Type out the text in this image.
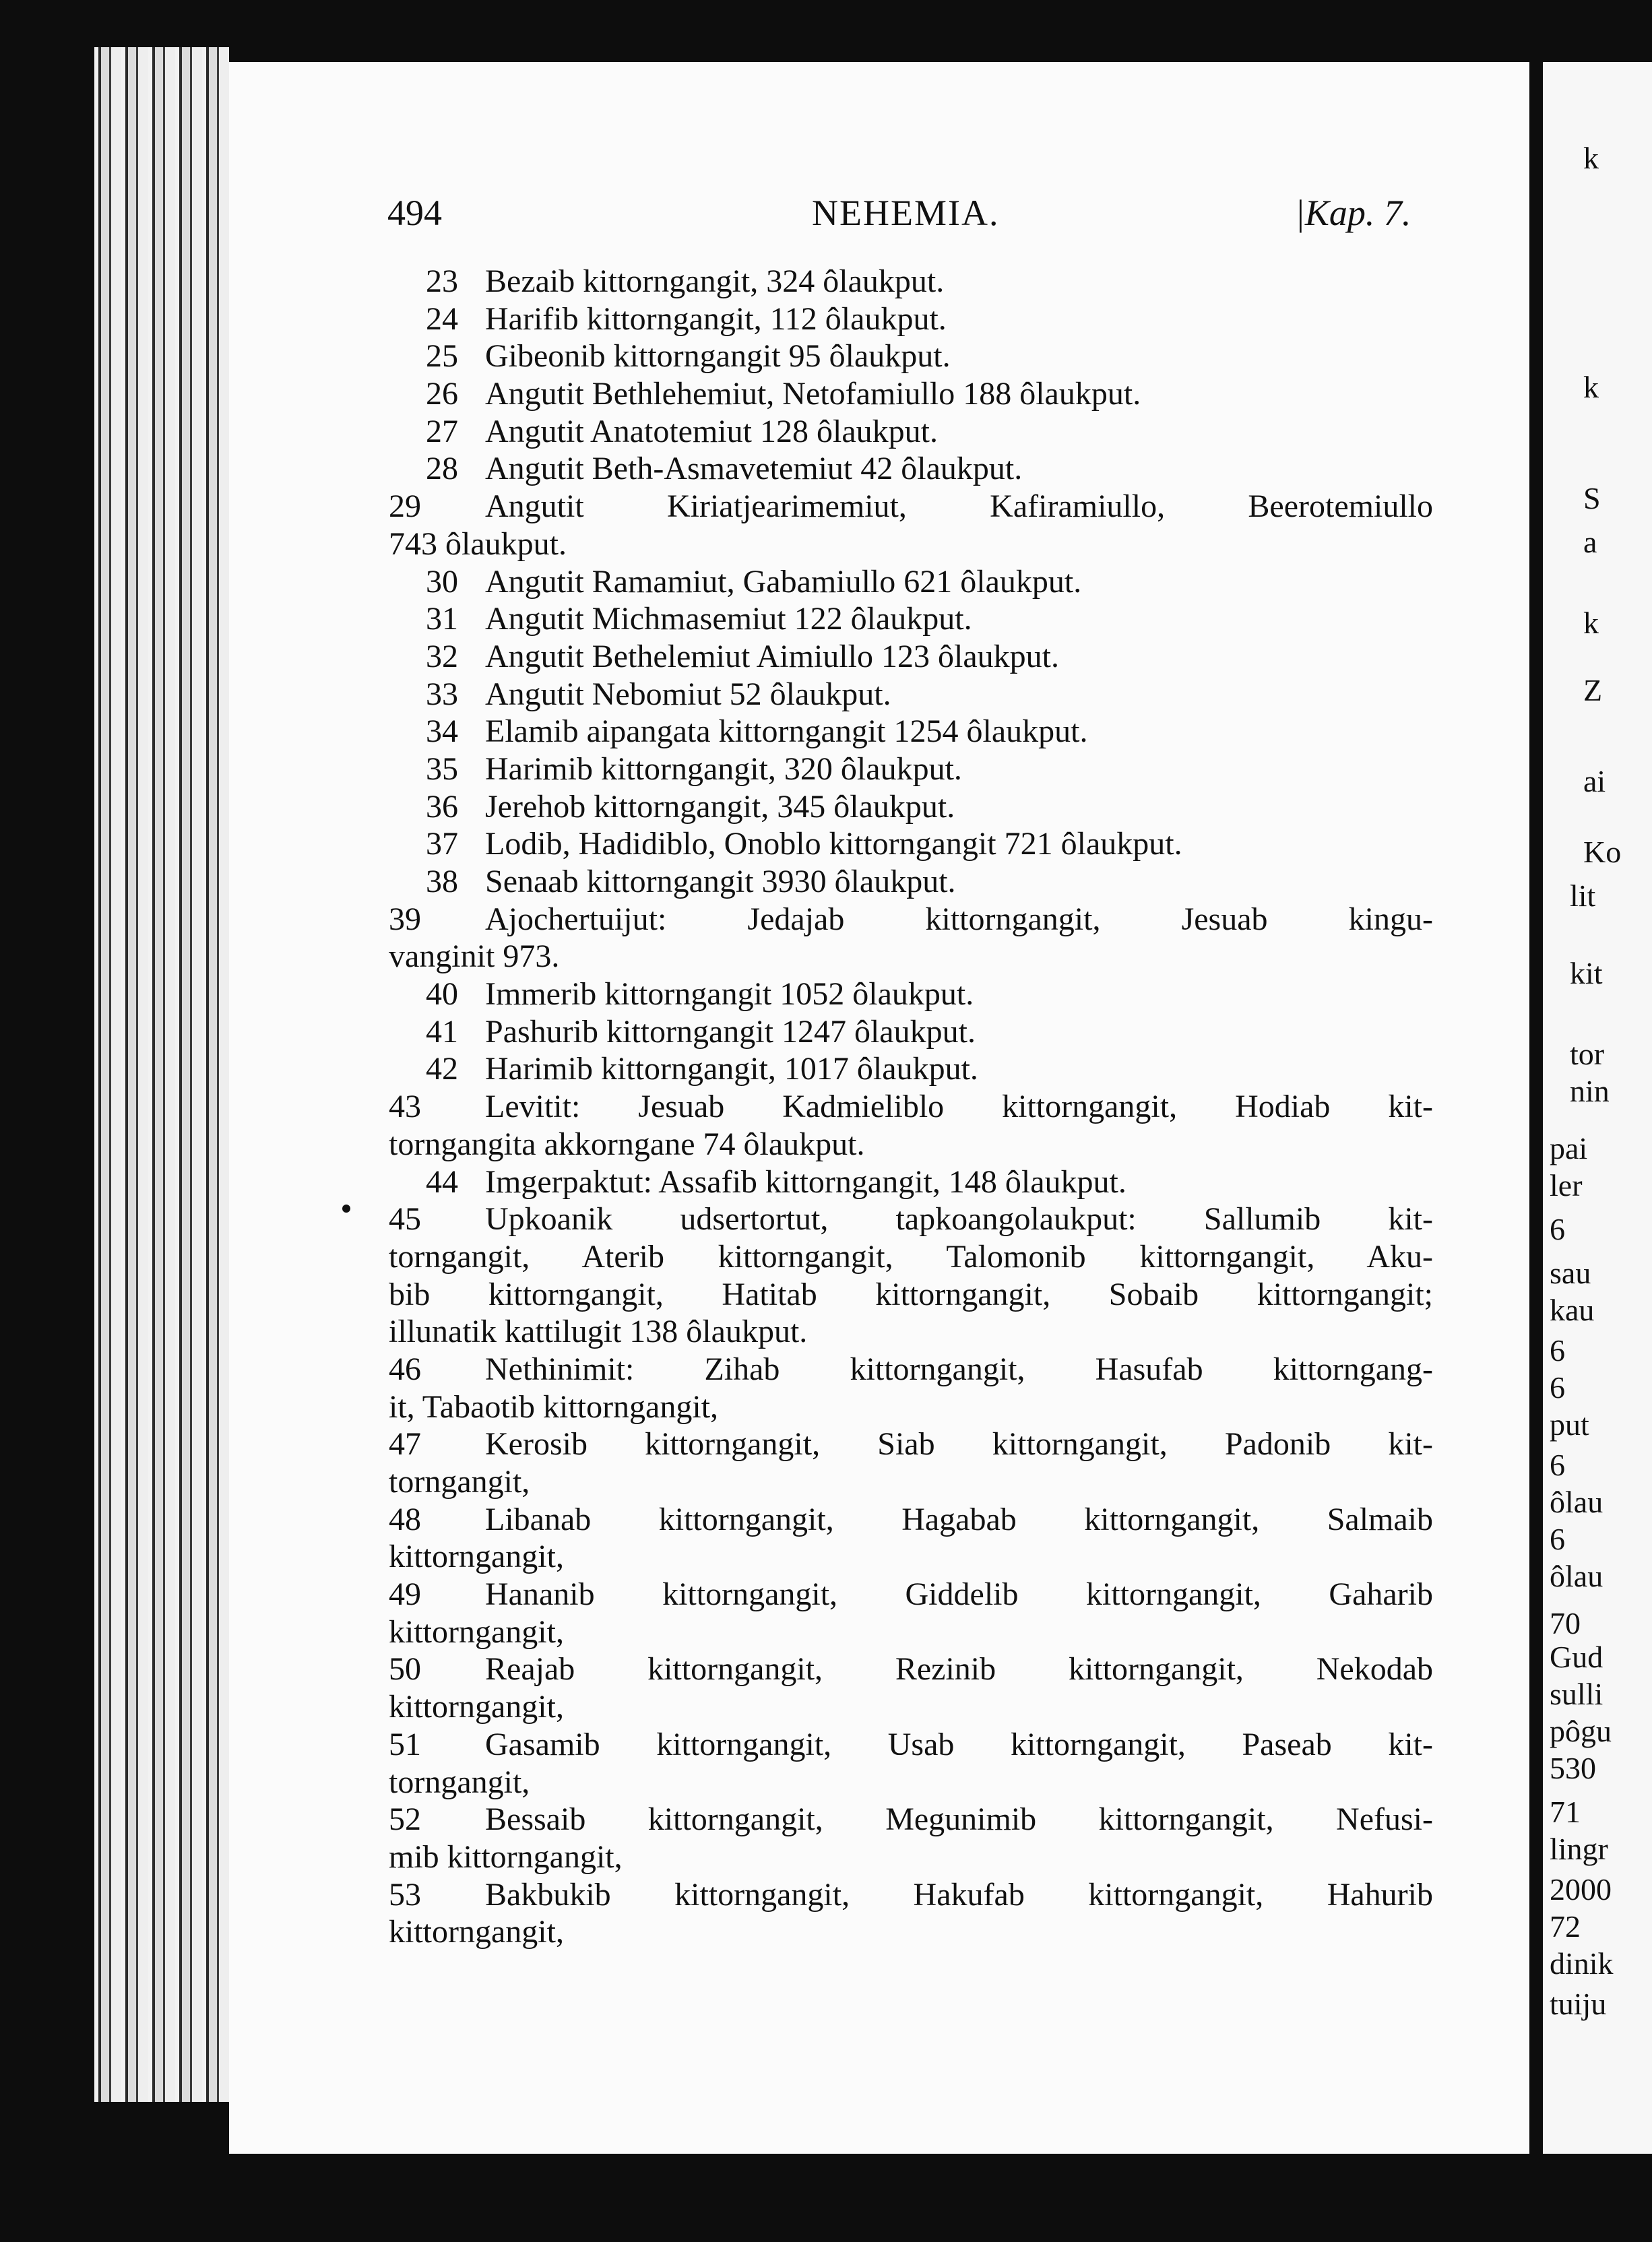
k
k
S
a
k
Z
ai
Ko
lit
kit
tor
nin
pai
ler
6
sau
kau
6
6
put
6
ôlau
6
ôlau
70
Gud
sulli
pôgu
530
71
lingr
2000
72
dinik
tuiju
494	NEHEMIA.	|Kap. 7.
23 Bezaib kittorngangit, 324 ôlaukput.
24 Harifib kittorngangit, 112 ôlaukput.
25 Gibeonib kittorngangit 95 ôlaukput.
26 Angutit Bethlehemiut, Netofamiullo 188 ôlaukput.
27 Angutit Anatotemiut 128 ôlaukput.
28 Angutit Beth-Asmavetemiut 42 ôlaukput.
29 Angutit Kiriatjearimemiut, Kafiramiullo, Beerotemiullo
743 ôlaukput.
30 Angutit Ramamiut, Gabamiullo 621 ôlaukput.
31 Angutit Michmasemiut 122 ôlaukput.
32 Angutit Bethelemiut Aimiullo 123 ôlaukput.
33 Angutit Nebomiut 52 ôlaukput.
34 Elamib aipangata kittorngangit 1254 ôlaukput.
35 Harimib kittorngangit, 320 ôlaukput.
36 Jerehob kittorngangit, 345 ôlaukput.
37 Lodib, Hadidiblo, Onoblo kittorngangit 721 ôlaukput.
38 Senaab kittorngangit 3930 ôlaukput.
39 Ajochertuijut: Jedajab kittorngangit, Jesuab kingu-
vanginit 973.
40 Immerib kittorngangit 1052 ôlaukput.
41 Pashurib kittorngangit 1247 ôlaukput.
42 Harimib kittorngangit, 1017 ôlaukput.
43 Levitit: Jesuab Kadmieliblo kittorngangit, Hodiab kit-
torngangita akkorngane 74 ôlaukput.
44 Imgerpaktut: Assafib kittorngangit, 148 ôlaukput.
45 Upkoanik udsertortut, tapkoangolaukput: Sallumib kit-
torngangit, Aterib kittorngangit, Talomonib kittorngangit, Aku-
bib kittorngangit, Hatitab kittorngangit, Sobaib kittorngangit;
illunatik kattilugit 138 ôlaukput.
46 Nethinimit: Zihab kittorngangit, Hasufab kittorngang-
it, Tabaotib kittorngangit,
47 Kerosib kittorngangit, Siab kittorngangit, Padonib kit-
torngangit,
48 Libanab kittorngangit, Hagabab kittorngangit, Salmaib
kittorngangit,
49 Hananib kittorngangit, Giddelib kittorngangit, Gaharib
kittorngangit,
50 Reajab kittorngangit, Rezinib kittorngangit, Nekodab
kittorngangit,
51 Gasamib kittorngangit, Usab kittorngangit, Paseab kit-
torngangit,
52 Bessaib kittorngangit, Megunimib kittorngangit, Nefusi-
mib kittorngangit,
53 Bakbukib kittorngangit, Hakufab kittorngangit, Hahurib
kittorngangit,
